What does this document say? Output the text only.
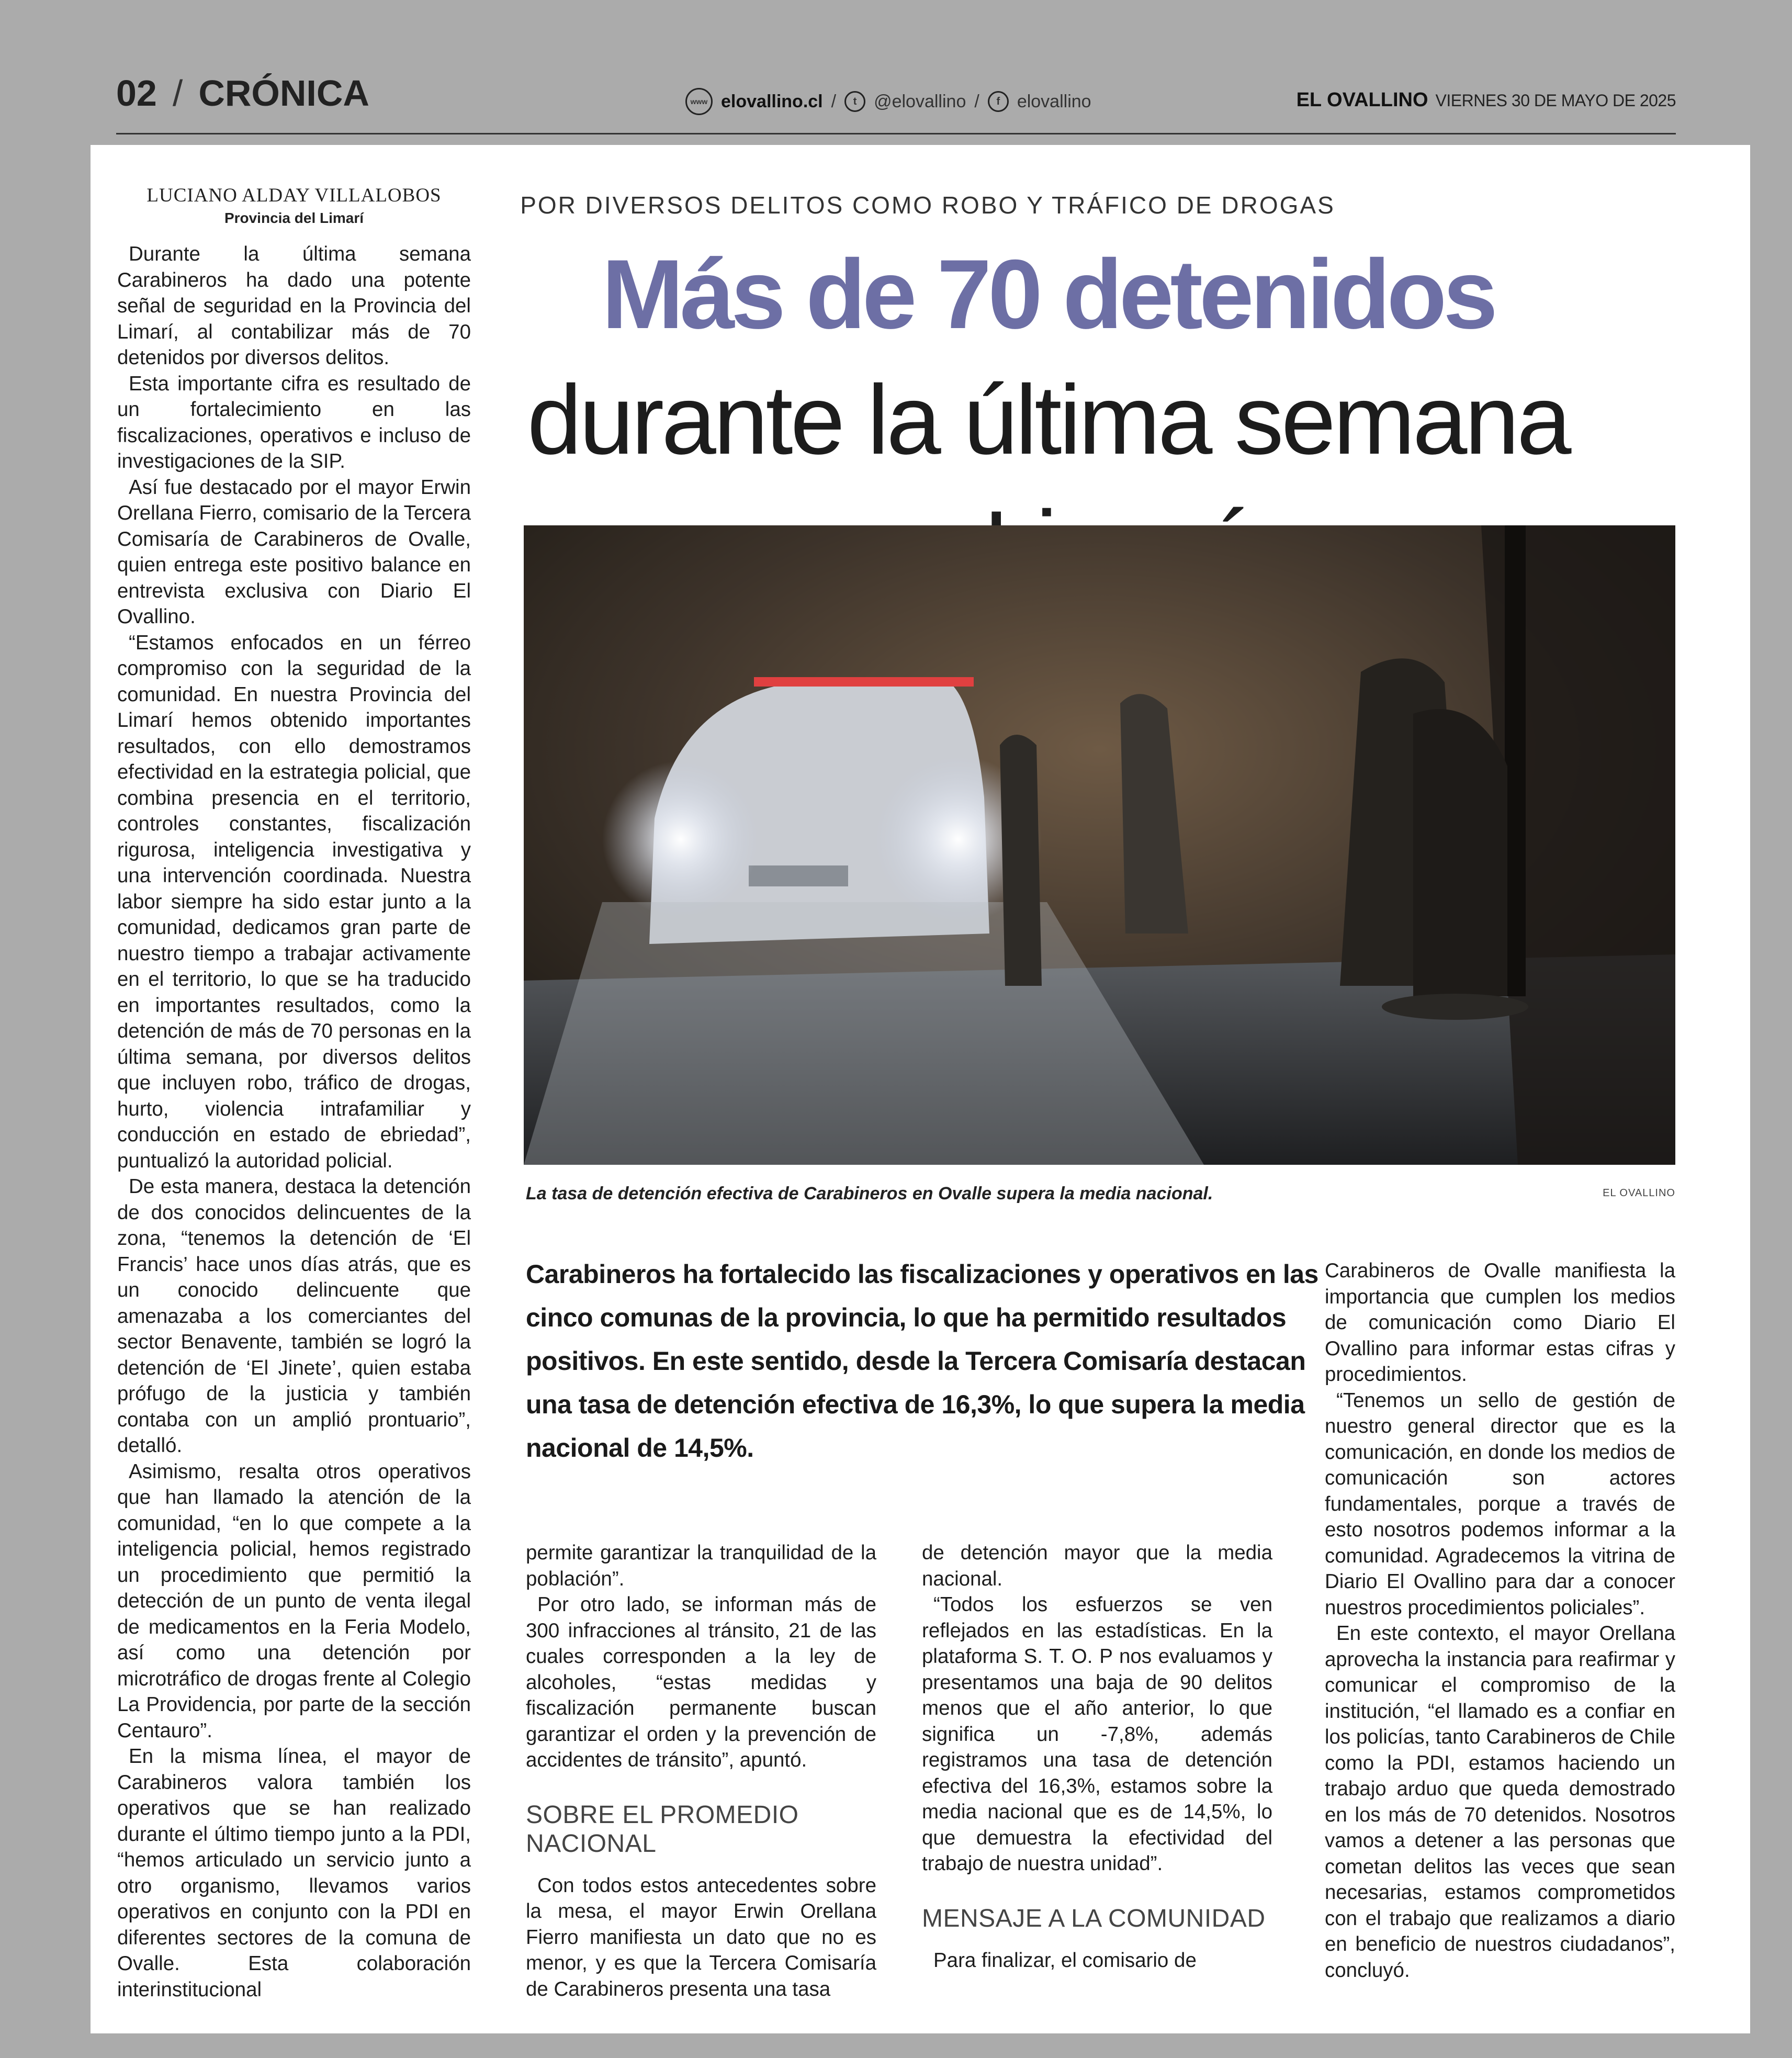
02 / CRÓNICA	www elovallino.cl /	t @elovallino /	f elovallino	EL OVALLINO VIERNES 30 DE MAYO DE 2025
LUCIANO ALDAY VILLALOBOS
Provincia del Limarí

Durante la última semana Carabineros ha dado una potente señal de seguridad en la Provincia del Limarí, al contabilizar más de 70 detenidos por diversos delitos.

Esta importante cifra es resultado de un fortalecimiento en las fiscalizaciones, operativos e incluso de investigaciones de la SIP.

Así fue destacado por el mayor Erwin Orellana Fierro, comisario de la Tercera Comisaría de Carabineros de Ovalle, quien entrega este positivo balance en entrevista exclusiva con Diario El Ovallino.

“Estamos enfocados en un férreo compromiso con la seguridad de la comunidad. En nuestra Provincia del Limarí hemos obtenido importantes resultados, con ello demostramos efectividad en la estrategia policial, que combina presencia en el territorio, controles constantes, fiscalización rigurosa, inteligencia investigativa y una intervención coordinada. Nuestra labor siempre ha sido estar junto a la comunidad, dedicamos gran parte de nuestro tiempo a trabajar activamente en el territorio, lo que se ha traducido en importantes resultados, como la detención de más de 70 personas en la última semana, por diversos delitos que incluyen robo, tráfico de drogas, hurto, violencia intrafamiliar y conducción en estado de ebriedad”, puntualizó la autoridad policial.

De esta manera, destaca la detención de dos conocidos delincuentes de la zona, “tenemos la detención de ‘El Francis’ hace unos días atrás, que es un conocido delincuente que amenazaba a los comerciantes del sector Benavente, también se logró la detención de ‘El Jinete’, quien estaba prófugo de la justicia y también contaba con un amplió prontuario”, detalló.

Asimismo, resalta otros operativos que han llamado la atención de la comunidad, “en lo que compete a la inteligencia policial, hemos registrado un procedimiento que permitió la detección de un punto de venta ilegal de medicamentos en la Feria Modelo, así como una detención por microtráfico de drogas frente al Colegio La Providencia, por parte de la sección Centauro”.

En la misma línea, el mayor de Carabineros valora también los operativos que se han realizado durante el último tiempo junto a la PDI, “hemos articulado un servicio junto a otro organismo, llevamos varios operativos en conjunto con la PDI en diferentes sectores de la comuna de Ovalle. Esta colaboración interinstitucional

POR DIVERSOS DELITOS COMO ROBO Y TRÁFICO DE DROGAS
Más de 70 detenidos durante la última semana
La tasa de detención efectiva de Carabineros en Ovalle supera la media nacional.	EL OVALLINO
Carabineros ha fortalecido las fiscalizaciones y operativos en las cinco comunas de la provincia, lo que ha permitido resultados positivos. En este sentido, desde la Tercera Comisaría destacan una tasa de detención efectiva de 16,3%, lo que supera la media nacional de 14,5%.

permite garantizar la tranquilidad de la población”.

Por otro lado, se informan más de 300 infracciones al tránsito, 21 de las cuales corresponden a la ley de alcoholes, “estas medidas y fiscalización permanente buscan garantizar el orden y la prevención de accidentes de tránsito”, apuntó.

SOBRE EL PROMEDIO NACIONAL

Con todos estos antecedentes sobre la mesa, el mayor Erwin Orellana Fierro manifiesta un dato que no es menor, y es que la Tercera Comisaría de Carabineros presenta una tasa

de detención mayor que la media nacional.

“Todos los esfuerzos se ven reflejados en las estadísticas. En la plataforma S. T. O. P nos evaluamos y presentamos una baja de 90 delitos menos que el año anterior, lo que significa un -7,8%, además registramos una tasa de detención efectiva del 16,3%, estamos sobre la media nacional que es de 14,5%, lo que demuestra la efectividad del trabajo de nuestra unidad”.

MENSAJE A LA COMUNIDAD

Para finalizar, el comisario de

Carabineros de Ovalle manifiesta la importancia que cumplen los medios de comunicación como Diario El Ovallino para informar estas cifras y procedimientos.

“Tenemos un sello de gestión de nuestro general director que es la comunicación, en donde los medios de comunicación son actores fundamentales, porque a través de esto nosotros podemos informar a la comunidad. Agradecemos la vitrina de Diario El Ovallino para dar a conocer nuestros procedimientos policiales”.

En este contexto, el mayor Orellana aprovecha la instancia para reafirmar y comunicar el compromiso de la institución, “el llamado es a confiar en los policías, tanto Carabineros de Chile como la PDI, estamos haciendo un trabajo arduo que queda demostrado en los más de 70 detenidos. Nosotros vamos a detener a las personas que cometan delitos las veces que sean necesarias, estamos comprometidos con el trabajo que realizamos a diario en beneficio de nuestros ciudadanos”, concluyó.
